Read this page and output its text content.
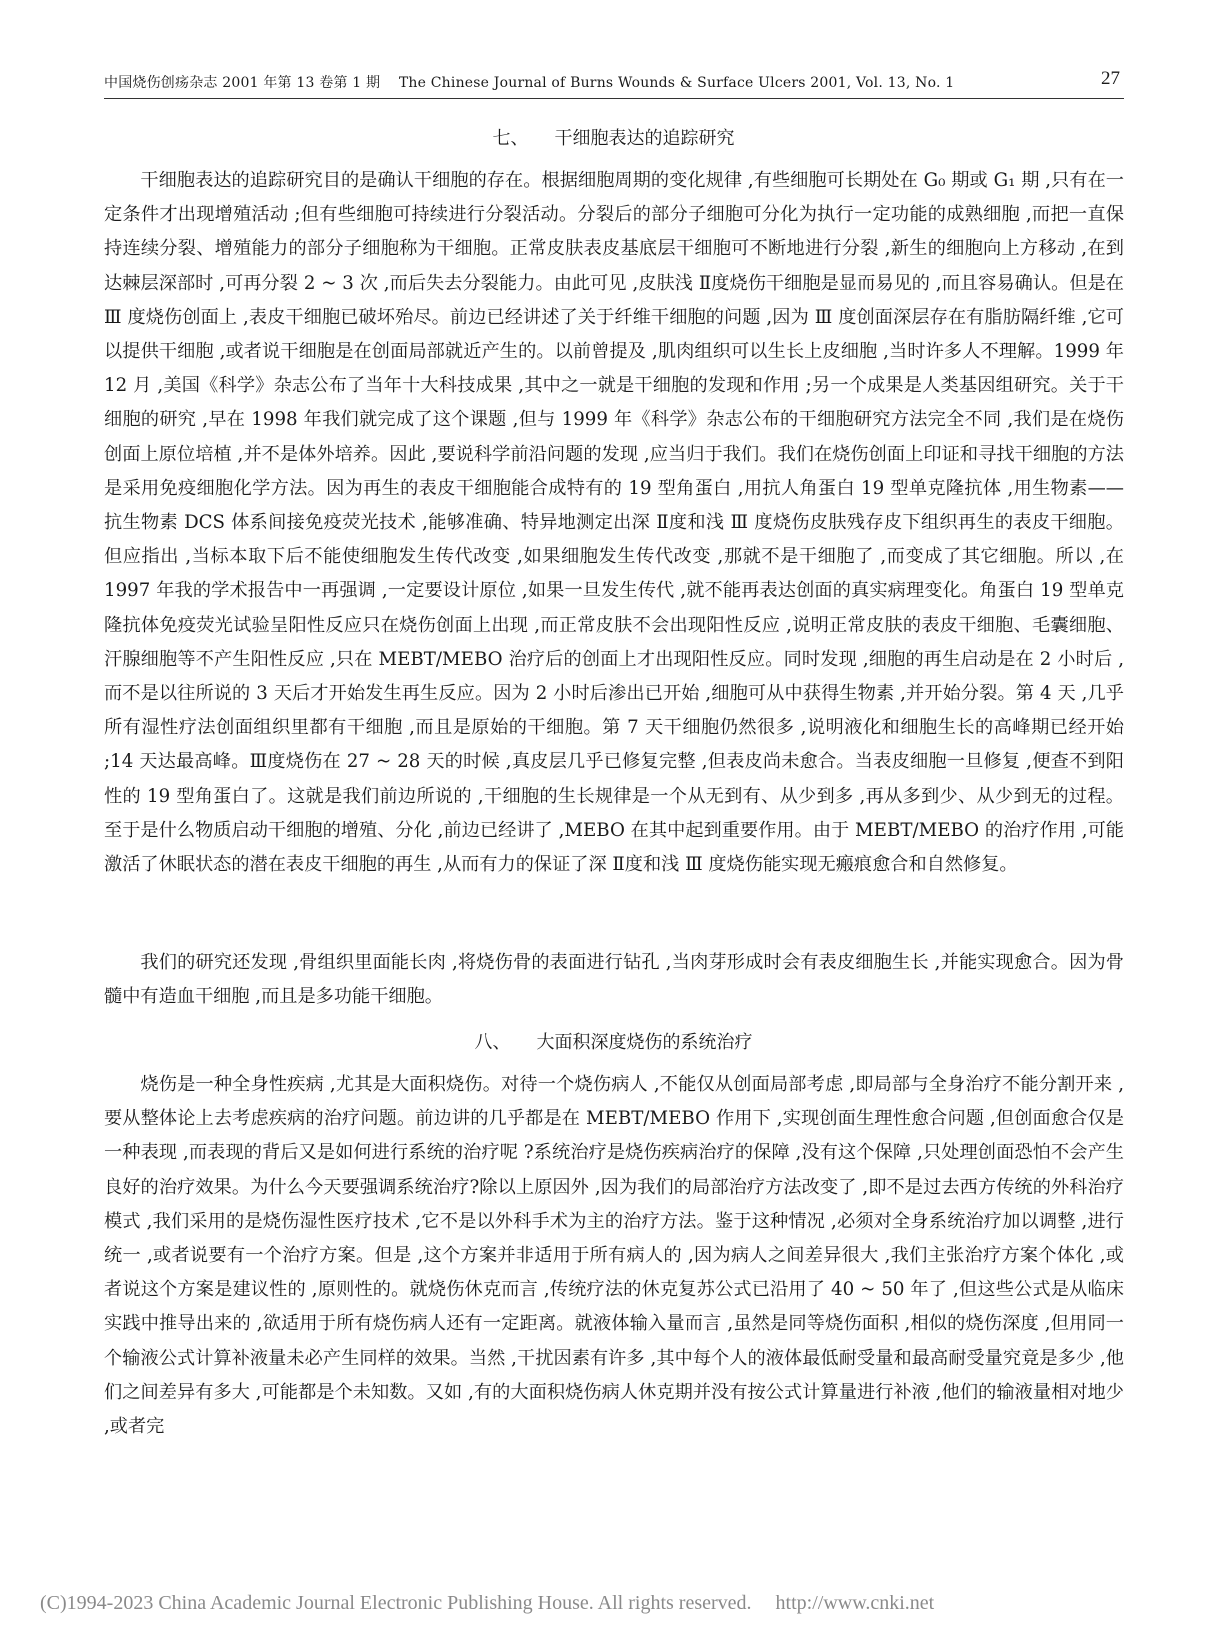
中国烧伤创疡杂志 2001 年第 13 卷第 1 期 The Chinese Journal of Burns Wounds & Surface Ulcers 2001, Vol. 13, No. 1	27
七、 干细胞表达的追踪研究

干细胞表达的追踪研究目的是确认干细胞的存在。根据细胞周期的变化规律 ,有些细胞可长期处在 G₀ 期或 G₁ 期 ,只有在一定条件才出现增殖活动 ;但有些细胞可持续进行分裂活动。分裂后的部分子细胞可分化为执行一定功能的成熟细胞 ,而把一直保持连续分裂、增殖能力的部分子细胞称为干细胞。正常皮肤表皮基底层干细胞可不断地进行分裂 ,新生的细胞向上方移动 ,在到达棘层深部时 ,可再分裂 2 ~ 3 次 ,而后失去分裂能力。由此可见 ,皮肤浅 Ⅱ度烧伤干细胞是显而易见的 ,而且容易确认。但是在 Ⅲ 度烧伤创面上 ,表皮干细胞已破坏殆尽。前边已经讲述了关于纤维干细胞的问题 ,因为 Ⅲ 度创面深层存在有脂肪隔纤维 ,它可以提供干细胞 ,或者说干细胞是在创面局部就近产生的。以前曾提及 ,肌肉组织可以生长上皮细胞 ,当时许多人不理解。1999 年 12 月 ,美国《科学》杂志公布了当年十大科技成果 ,其中之一就是干细胞的发现和作用 ;另一个成果是人类基因组研究。关于干细胞的研究 ,早在 1998 年我们就完成了这个课题 ,但与 1999 年《科学》杂志公布的干细胞研究方法完全不同 ,我们是在烧伤创面上原位培植 ,并不是体外培养。因此 ,要说科学前沿问题的发现 ,应当归于我们。我们在烧伤创面上印证和寻找干细胞的方法是采用免疫细胞化学方法。因为再生的表皮干细胞能合成特有的 19 型角蛋白 ,用抗人角蛋白 19 型单克隆抗体 ,用生物素——抗生物素 DCS 体系间接免疫荧光技术 ,能够准确、特异地测定出深 Ⅱ度和浅 Ⅲ 度烧伤皮肤残存皮下组织再生的表皮干细胞。但应指出 ,当标本取下后不能使细胞发生传代改变 ,如果细胞发生传代改变 ,那就不是干细胞了 ,而变成了其它细胞。所以 ,在 1997 年我的学术报告中一再强调 ,一定要设计原位 ,如果一旦发生传代 ,就不能再表达创面的真实病理变化。角蛋白 19 型单克隆抗体免疫荧光试验呈阳性反应只在烧伤创面上出现 ,而正常皮肤不会出现阳性反应 ,说明正常皮肤的表皮干细胞、毛囊细胞、汗腺细胞等不产生阳性反应 ,只在 MEBT/MEBO 治疗后的创面上才出现阳性反应。同时发现 ,细胞的再生启动是在 2 小时后 ,而不是以往所说的 3 天后才开始发生再生反应。因为 2 小时后渗出已开始 ,细胞可从中获得生物素 ,并开始分裂。第 4 天 ,几乎所有湿性疗法创面组织里都有干细胞 ,而且是原始的干细胞。第 7 天干细胞仍然很多 ,说明液化和细胞生长的高峰期已经开始 ;14 天达最高峰。Ⅲ度烧伤在 27 ~ 28 天的时候 ,真皮层几乎已修复完整 ,但表皮尚未愈合。当表皮细胞一旦修复 ,便查不到阳性的 19 型角蛋白了。这就是我们前边所说的 ,干细胞的生长规律是一个从无到有、从少到多 ,再从多到少、从少到无的过程。至于是什么物质启动干细胞的增殖、分化 ,前边已经讲了 ,MEBO 在其中起到重要作用。由于 MEBT/MEBO 的治疗作用 ,可能激活了休眠状态的潜在表皮干细胞的再生 ,从而有力的保证了深 Ⅱ度和浅 Ⅲ 度烧伤能实现无瘢痕愈合和自然修复。

我们的研究还发现 ,骨组织里面能长肉 ,将烧伤骨的表面进行钻孔 ,当肉芽形成时会有表皮细胞生长 ,并能实现愈合。因为骨髓中有造血干细胞 ,而且是多功能干细胞。

八、 大面积深度烧伤的系统治疗

烧伤是一种全身性疾病 ,尤其是大面积烧伤。对待一个烧伤病人 ,不能仅从创面局部考虑 ,即局部与全身治疗不能分割开来 ,要从整体论上去考虑疾病的治疗问题。前边讲的几乎都是在 MEBT/MEBO 作用下 ,实现创面生理性愈合问题 ,但创面愈合仅是一种表现 ,而表现的背后又是如何进行系统的治疗呢 ?系统治疗是烧伤疾病治疗的保障 ,没有这个保障 ,只处理创面恐怕不会产生良好的治疗效果。为什么今天要强调系统治疗?除以上原因外 ,因为我们的局部治疗方法改变了 ,即不是过去西方传统的外科治疗模式 ,我们采用的是烧伤湿性医疗技术 ,它不是以外科手术为主的治疗方法。鉴于这种情况 ,必须对全身系统治疗加以调整 ,进行统一 ,或者说要有一个治疗方案。但是 ,这个方案并非适用于所有病人的 ,因为病人之间差异很大 ,我们主张治疗方案个体化 ,或者说这个方案是建议性的 ,原则性的。就烧伤休克而言 ,传统疗法的休克复苏公式已沿用了 40 ~ 50 年了 ,但这些公式是从临床实践中推导出来的 ,欲适用于所有烧伤病人还有一定距离。就液体输入量而言 ,虽然是同等烧伤面积 ,相似的烧伤深度 ,但用同一个输液公式计算补液量未必产生同样的效果。当然 ,干扰因素有许多 ,其中每个人的液体最低耐受量和最高耐受量究竟是多少 ,他们之间差异有多大 ,可能都是个未知数。又如 ,有的大面积烧伤病人休克期并没有按公式计算量进行补液 ,他们的输液量相对地少 ,或者完

(C)1994-2023 China Academic Journal Electronic Publishing House. All rights reserved. http://www.cnki.net
